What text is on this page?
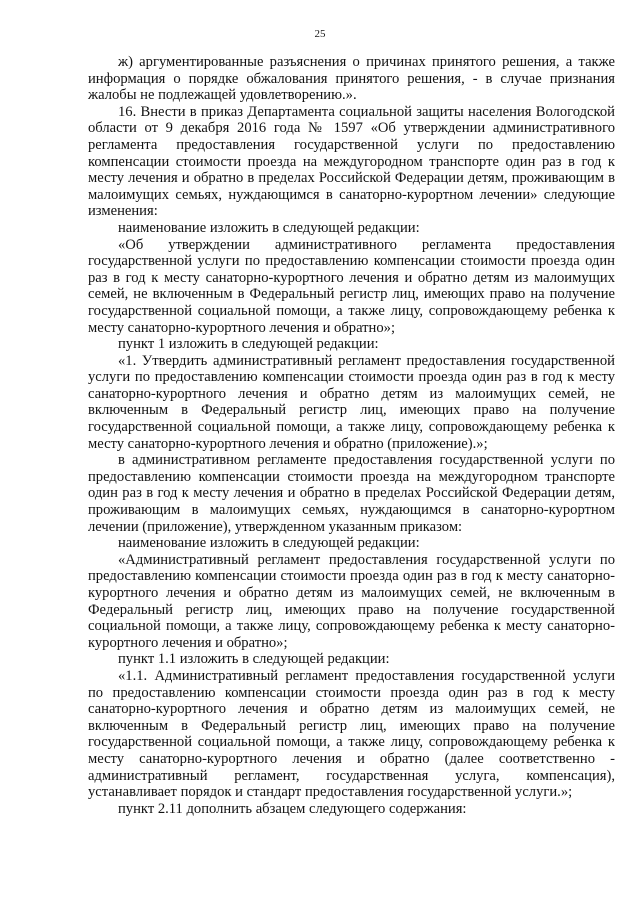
25

ж) аргументированные разъяснения о причинах принятого решения, а также информация о порядке обжалования принятого решения, - в случае признания жалобы не подлежащей удовлетворению.».

16. Внести в приказ Департамента социальной защиты населения Вологодской области от 9 декабря 2016 года № 1597 «Об утверждении административного регламента предоставления государственной услуги по предоставлению компенсации стоимости проезда на междугородном транспорте один раз в год к месту лечения и обратно в пределах Российской Федерации детям, проживающим в малоимущих семьях, нуждающимся в санаторно-курортном лечении» следующие изменения:

наименование изложить в следующей редакции:

«Об утверждении административного регламента предоставления государственной услуги по предоставлению компенсации стоимости проезда один раз в год к месту санаторно-курортного лечения и обратно детям из малоимущих семей, не включенным в Федеральный регистр лиц, имеющих право на получение государственной социальной помощи, а также лицу, сопровождающему ребенка к месту санаторно-курортного лечения и обратно»;

пункт 1 изложить в следующей редакции:

«1. Утвердить административный регламент предоставления государственной услуги по предоставлению компенсации стоимости проезда один раз в год к месту санаторно-курортного лечения и обратно детям из малоимущих семей, не включенным в Федеральный регистр лиц, имеющих право на получение государственной социальной помощи, а также лицу, сопровождающему ребенка к месту санаторно-курортного лечения и обратно (приложение).»;

в административном регламенте предоставления государственной услуги по предоставлению компенсации стоимости проезда на междугородном транспорте один раз в год к месту лечения и обратно в пределах Российской Федерации детям, проживающим в малоимущих семьях, нуждающимся в санаторно-курортном лечении (приложение), утвержденном указанным приказом:

наименование изложить в следующей редакции:

«Административный регламент предоставления государственной услуги по предоставлению компенсации стоимости проезда один раз в год к месту санаторно-курортного лечения и обратно детям из малоимущих семей, не включенным в Федеральный регистр лиц, имеющих право на получение государственной социальной помощи, а также лицу, сопровождающему ребенка к месту санаторно-курортного лечения и обратно»;

пункт 1.1 изложить в следующей редакции:

«1.1. Административный регламент предоставления государственной услуги по предоставлению компенсации стоимости проезда один раз в год к месту санаторно-курортного лечения и обратно детям из малоимущих семей, не включенным в Федеральный регистр лиц, имеющих право на получение государственной социальной помощи, а также лицу, сопровождающему ребенка к месту санаторно-курортного лечения и обратно (далее соответственно - административный регламент, государственная услуга, компенсация), устанавливает порядок и стандарт предоставления государственной услуги.»;

пункт 2.11 дополнить абзацем следующего содержания:
